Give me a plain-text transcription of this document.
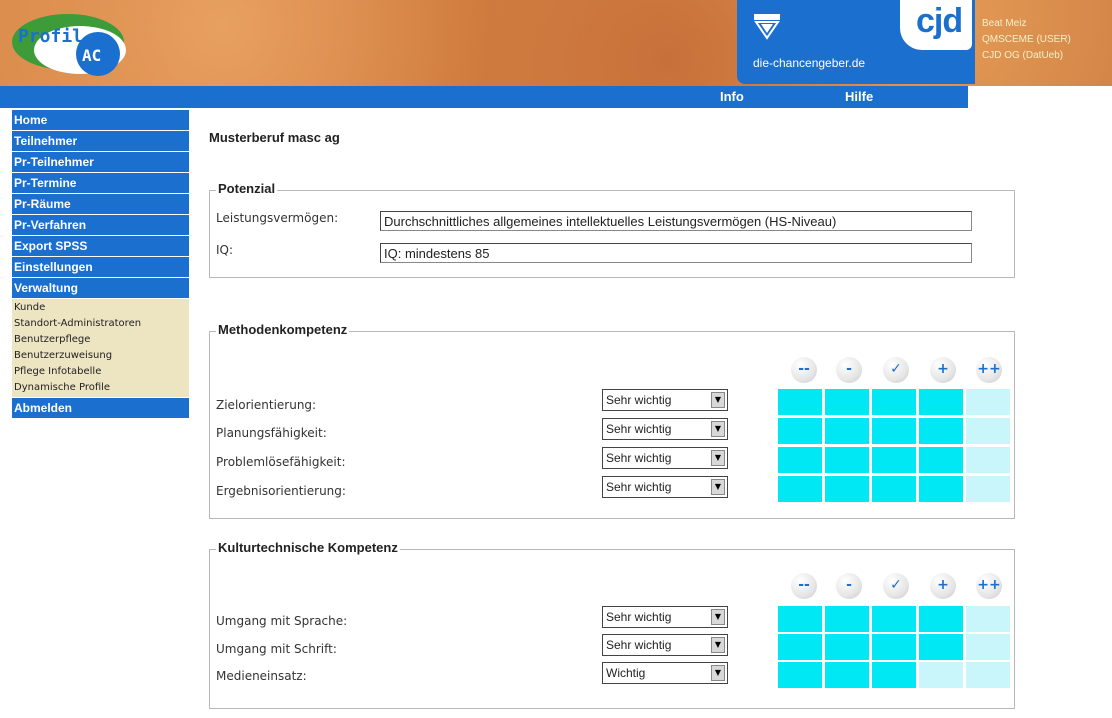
Profil
AC
cjd
die-chancengeber.de
Beat Meiz
QMSCEME (USER)
CJD OG (DatUeb)
Info	Hilfe
Home
Teilnehmer
Pr-Teilnehmer
Pr-Termine
Pr-Räume
Pr-Verfahren
Export SPSS
Einstellungen
Verwaltung
Kunde
Standort-Administratoren
Benutzerpflege
Benutzerzuweisung
Pflege Infotabelle
Dynamische Profile
Abmelden
Musterberuf masc ag
Potenzial
Leistungsvermögen:	Durchschnittliches allgemeines intellektuelles Leistungsvermögen (HS-Niveau)
IQ:	IQ: mindestens 85
Methodenkompetenz
--	-	✓	+	++
Zielorientierung:	Sehr wichtig	▼
Planungsfähigkeit:	Sehr wichtig	▼
Problemlösefähigkeit:	Sehr wichtig	▼
Ergebnisorientierung:	Sehr wichtig	▼
Kulturtechnische Kompetenz
--	-	✓	+	++
Umgang mit Sprache:	Sehr wichtig	▼
Umgang mit Schrift:	Sehr wichtig	▼
Medieneinsatz:	Wichtig	▼
